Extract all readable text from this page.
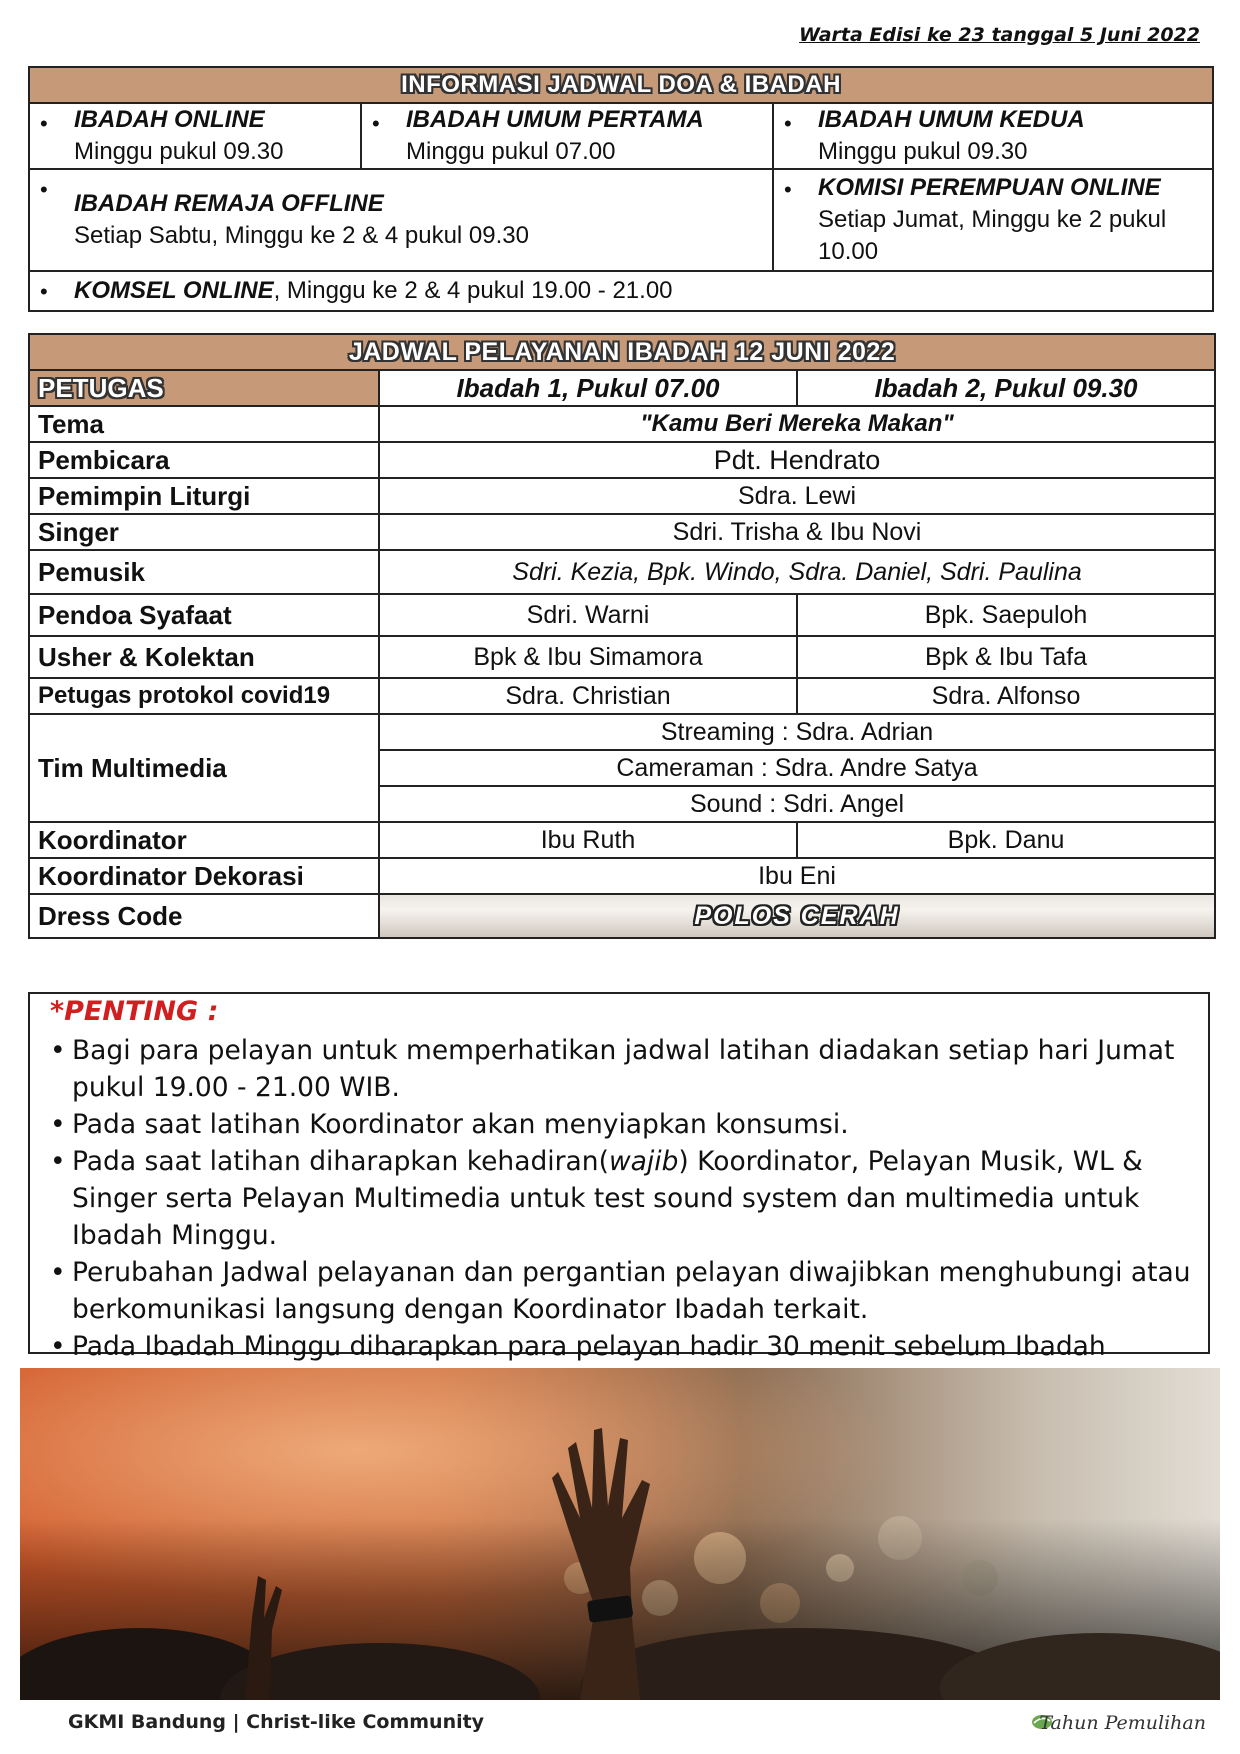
Warta Edisi ke 23 tanggal 5 Juni 2022
INFORMASI JADWAL DOA & IBADAH		

• IBADAH ONLINE
Minggu pukul 09.30	• IBADAH UMUM PERTAMA
Minggu pukul 07.00	• IBADAH UMUM KEDUA
Minggu pukul 09.30

•
IBADAH REMAJA OFFLINE
Setiap Sabtu, Minggu ke 2 & 4 pukul 09.30		• KOMISI PEREMPUAN ONLINE
Setiap Jumat, Minggu ke 2 pukul 10.00

• KOMSEL ONLINE, Minggu ke 2 & 4 pukul 19.00 - 21.00		
JADWAL PELAYANAN IBADAH 12 JUNI 2022		
PETUGAS	Ibadah 1, Pukul 07.00	Ibadah 2, Pukul 09.30
Tema	"Kamu Beri Mereka Makan"	
Pembicara	Pdt. Hendrato	
Pemimpin Liturgi	Sdra. Lewi	
Singer	Sdri. Trisha & Ibu Novi	
Pemusik	Sdri. Kezia, Bpk. Windo, Sdra. Daniel, Sdri. Paulina	
Pendoa Syafaat	Sdri. Warni	Bpk. Saepuloh
Usher & Kolektan	Bpk & Ibu Simamora	Bpk & Ibu Tafa
Petugas protokol covid19	Sdra. Christian	Sdra. Alfonso
Tim Multimedia	Streaming : Sdra. Adrian	
	Cameraman : Sdra. Andre Satya	
	Sound : Sdri. Angel	
Koordinator	Ibu Ruth	Bpk. Danu
Koordinator Dekorasi	Ibu Eni	
Dress Code	POLOS CERAH	
*PENTING :
• Bagi para pelayan untuk memperhatikan jadwal latihan diadakan setiap hari Jumat pukul 19.00 - 21.00 WIB.
• Pada saat latihan Koordinator akan menyiapkan konsumsi.
• Pada saat latihan diharapkan kehadiran(wajib) Koordinator, Pelayan Musik, WL & Singer serta Pelayan Multimedia untuk test sound system dan multimedia untuk Ibadah Minggu.
• Perubahan Jadwal pelayanan dan pergantian pelayan diwajibkan menghubungi atau berkomunikasi langsung dengan Koordinator Ibadah terkait.
• Pada Ibadah Minggu diharapkan para pelayan hadir 30 menit sebelum Ibadah
GKMI Bandung | Christ-like Community	Tahun Pemulihan
